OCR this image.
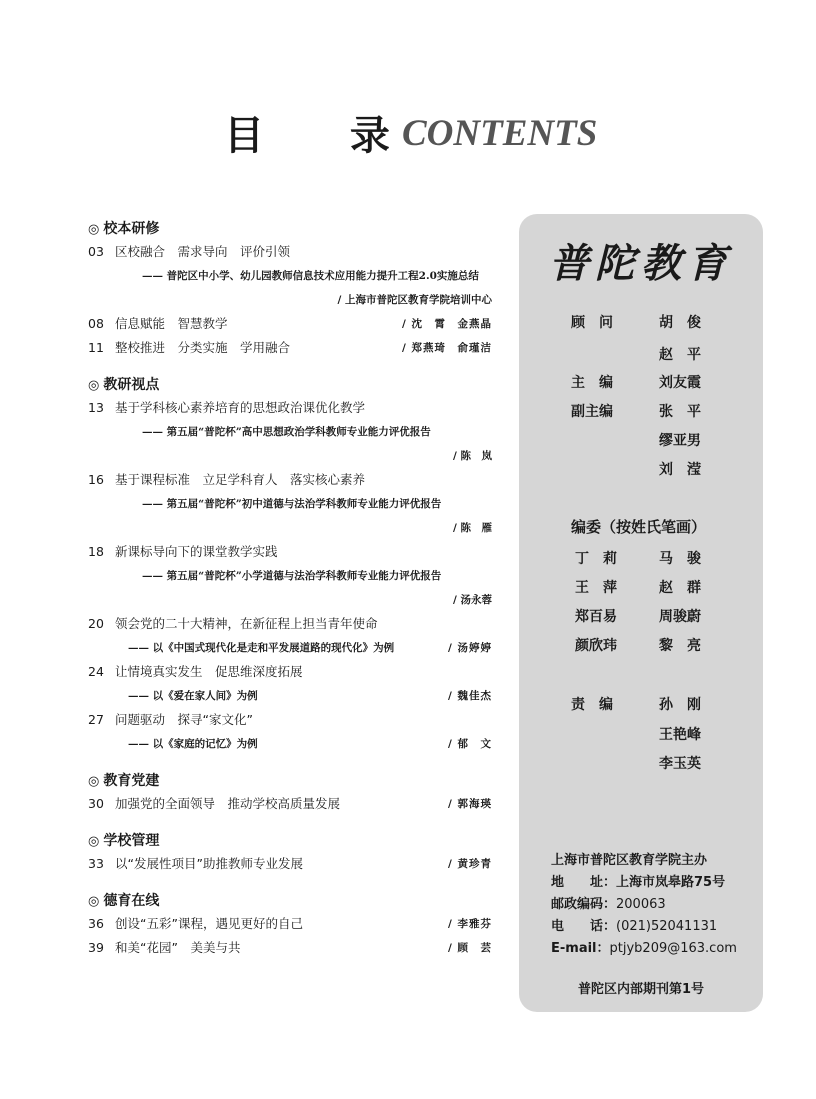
目 录
CONTENTS
◎ 校本研修
03 区校融合　需求导向　评价引领
—— 普陀区中小学、幼儿园教师信息技术应用能力提升工程2.0实施总结
/ 上海市普陀区教育学院培训中心
08 信息赋能　智慧教学	/ 沈　霄　金燕晶
11 整校推进　分类实施　学用融合	/ 郑燕琦　俞瑾洁
◎ 教研视点
13 基于学科核心素养培育的思想政治课优化教学
—— 第五届“普陀杯”高中思想政治学科教师专业能力评优报告
/ 陈　岚
16 基于课程标准　立足学科育人　落实核心素养
—— 第五届“普陀杯”初中道德与法治学科教师专业能力评优报告
/ 陈　雁
18 新课标导向下的课堂教学实践
—— 第五届“普陀杯”小学道德与法治学科教师专业能力评优报告
/ 汤永蓉
20 领会党的二十大精神，在新征程上担当青年使命
—— 以《中国式现代化是走和平发展道路的现代化》为例	/ 汤婷婷
24 让情境真实发生　促思维深度拓展
—— 以《爱在家人间》为例	/ 魏佳杰
27 问题驱动　探寻“家文化”
—— 以《家庭的记忆》为例	/ 郁　文
◎ 教育党建
30 加强党的全面领导　推动学校高质量发展	/ 郭海瑛
◎ 学校管理
33 以“发展性项目”助推教师专业发展	/ 黄珍青
◎ 德育在线
36 创设“五彩”课程，遇见更好的自己	/ 李雅芬
39 和美“花园”　美美与共	/ 顾　芸
普陀教育
顾　问	胡　俊
赵　平
主　编	刘友霞
副主编	张　平
缪亚男
刘　滢
编委（按姓氏笔画）
丁　莉	马　骏
王　萍	赵　群
郑百易	周骏蔚
颜欣玮	黎　亮
责　编	孙　刚
王艳峰
李玉英
上海市普陀区教育学院主办
地　　址：上海市岚皋路75号
邮政编码：200063
电　　话：(021)52041131
E-mail：ptjyb209@163.com
普陀区内部期刊第1号
